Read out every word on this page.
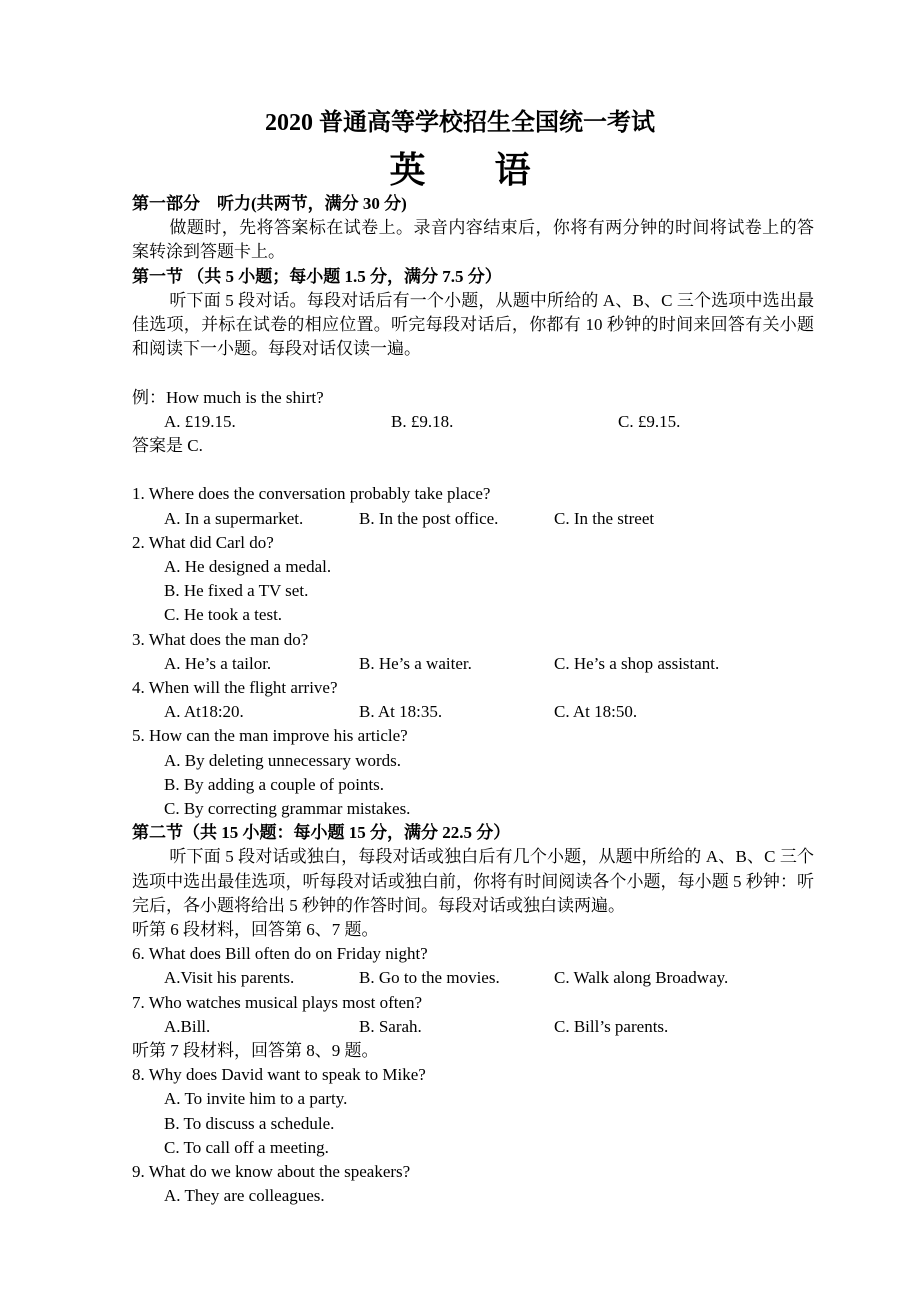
2020 普通高等学校招生全国统一考试
英 语
第一部分　听力(共两节，满分 30 分)
做题时，先将答案标在试卷上。录音内容结束后，你将有两分钟的时间将试卷上的答案转涂到答题卡上。
第一节 （共 5 小题；每小题 1.5 分，满分 7.5 分）
听下面 5 段对话。每段对话后有一个小题，从题中所给的 A、B、C 三个选项中选出最佳选项，并标在试卷的相应位置。听完每段对话后，你都有 10 秒钟的时间来回答有关小题和阅读下一小题。每段对话仅读一遍。
例：How much is the shirt?
A. £19.15.	B. £9.18.	C. £9.15.
答案是 C.
1. Where does the conversation probably take place?
A. In a supermarket.	B. In the post office.	C. In the street
2. What did Carl do?
A. He designed a medal.
B. He fixed a TV set.
C. He took a test.
3. What does the man do?
A. He’s a tailor.	B. He’s a waiter.	C. He’s a shop assistant.
4. When will the flight arrive?
A. At18:20.	B. At 18:35.	C. At 18:50.
5. How can the man improve his article?
A. By deleting unnecessary words.
B. By adding a couple of points.
C. By correcting grammar mistakes.
第二节（共 15 小题：每小题 15 分，满分 22.5 分）
听下面 5 段对话或独白，每段对话或独白后有几个小题，从题中所给的 A、B、C 三个选项中选出最佳选项，听每段对话或独白前，你将有时间阅读各个小题，每小题 5 秒钟：听完后，各小题将给出 5 秒钟的作答时间。每段对话或独白读两遍。
听第 6 段材料，回答第 6、7 题。
6. What does Bill often do on Friday night?
A.Visit his parents.	B. Go to the movies.	C. Walk along Broadway.
7. Who watches musical plays most often?
A.Bill.	B. Sarah.	C. Bill’s parents.
听第 7 段材料，回答第 8、9 题。
8. Why does David want to speak to Mike?
A. To invite him to a party.
B. To discuss a schedule.
C. To call off a meeting.
9. What do we know about the speakers?
A. They are colleagues.
